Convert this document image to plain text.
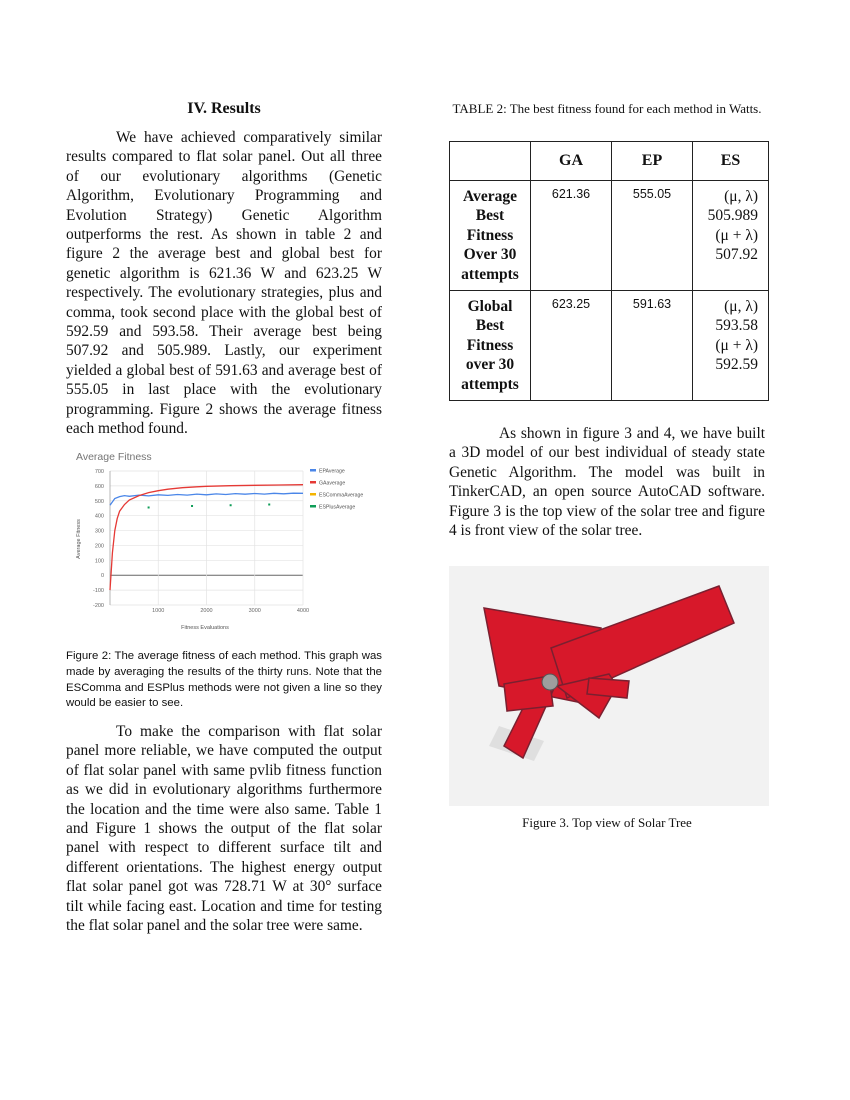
IV. Results

We have achieved comparatively similar results compared to flat solar panel. Out all three of our evolutionary algorithms (Genetic Algorithm, Evolutionary Programming and Evolution Strategy) Genetic Algorithm outperforms the rest. As shown in table 2 and figure 2 the average best and global best for genetic algorithm is 621.36 W and 623.25 W respectively. The evolutionary strategies, plus and comma, took second place with the global best of 592.59 and 593.58. Their average best being 507.92 and 505.989. Lastly, our experiment yielded a global best of 591.63 and average best of 555.05 in last place with the evolutionary programming. Figure 2 shows the average fitness each method found.

Average Fitness
700
600
500
400
300
200
100
0
-100
-200
1000	2000	3000	4000
EPAverage
GAaverage
ESCommaAverage
ESPlusAverage
Average Fitness
Fitness Evaluations
Figure 2: The average fitness of each method. This graph was made by averaging the results of the thirty runs. Note that the ESComma and ESPlus methods were not given a line so they would be easier to see.

To make the comparison with flat solar panel more reliable, we have computed the output of flat solar panel with same pvlib fitness function as we did in evolutionary algorithms furthermore the location and the time were also same. Table 1 and Figure 1 shows the output of the flat solar panel with respect to different surface tilt and different orientations. The highest energy output flat solar panel got was 728.71 W at 30° surface tilt while facing east. Location and time for testing the flat solar panel and the solar tree were same.

TABLE 2: The best fitness found for each method in Watts.
	GA	EP	ES
Average Best Fitness Over 30 attempts	621.36	555.05	(μ, λ)
505.989
(μ + λ)
507.92

Global Best Fitness over 30 attempts	623.25	591.63	(μ, λ)
593.58
(μ + λ)
592.59

As shown in figure 3 and 4, we have built a 3D model of our best individual of steady state Genetic Algorithm. The model was built in TinkerCAD, an open source AutoCAD software. Figure 3 is the top view of the solar tree and figure 4 is front view of the solar tree.

Figure 3. Top view of Solar Tree
